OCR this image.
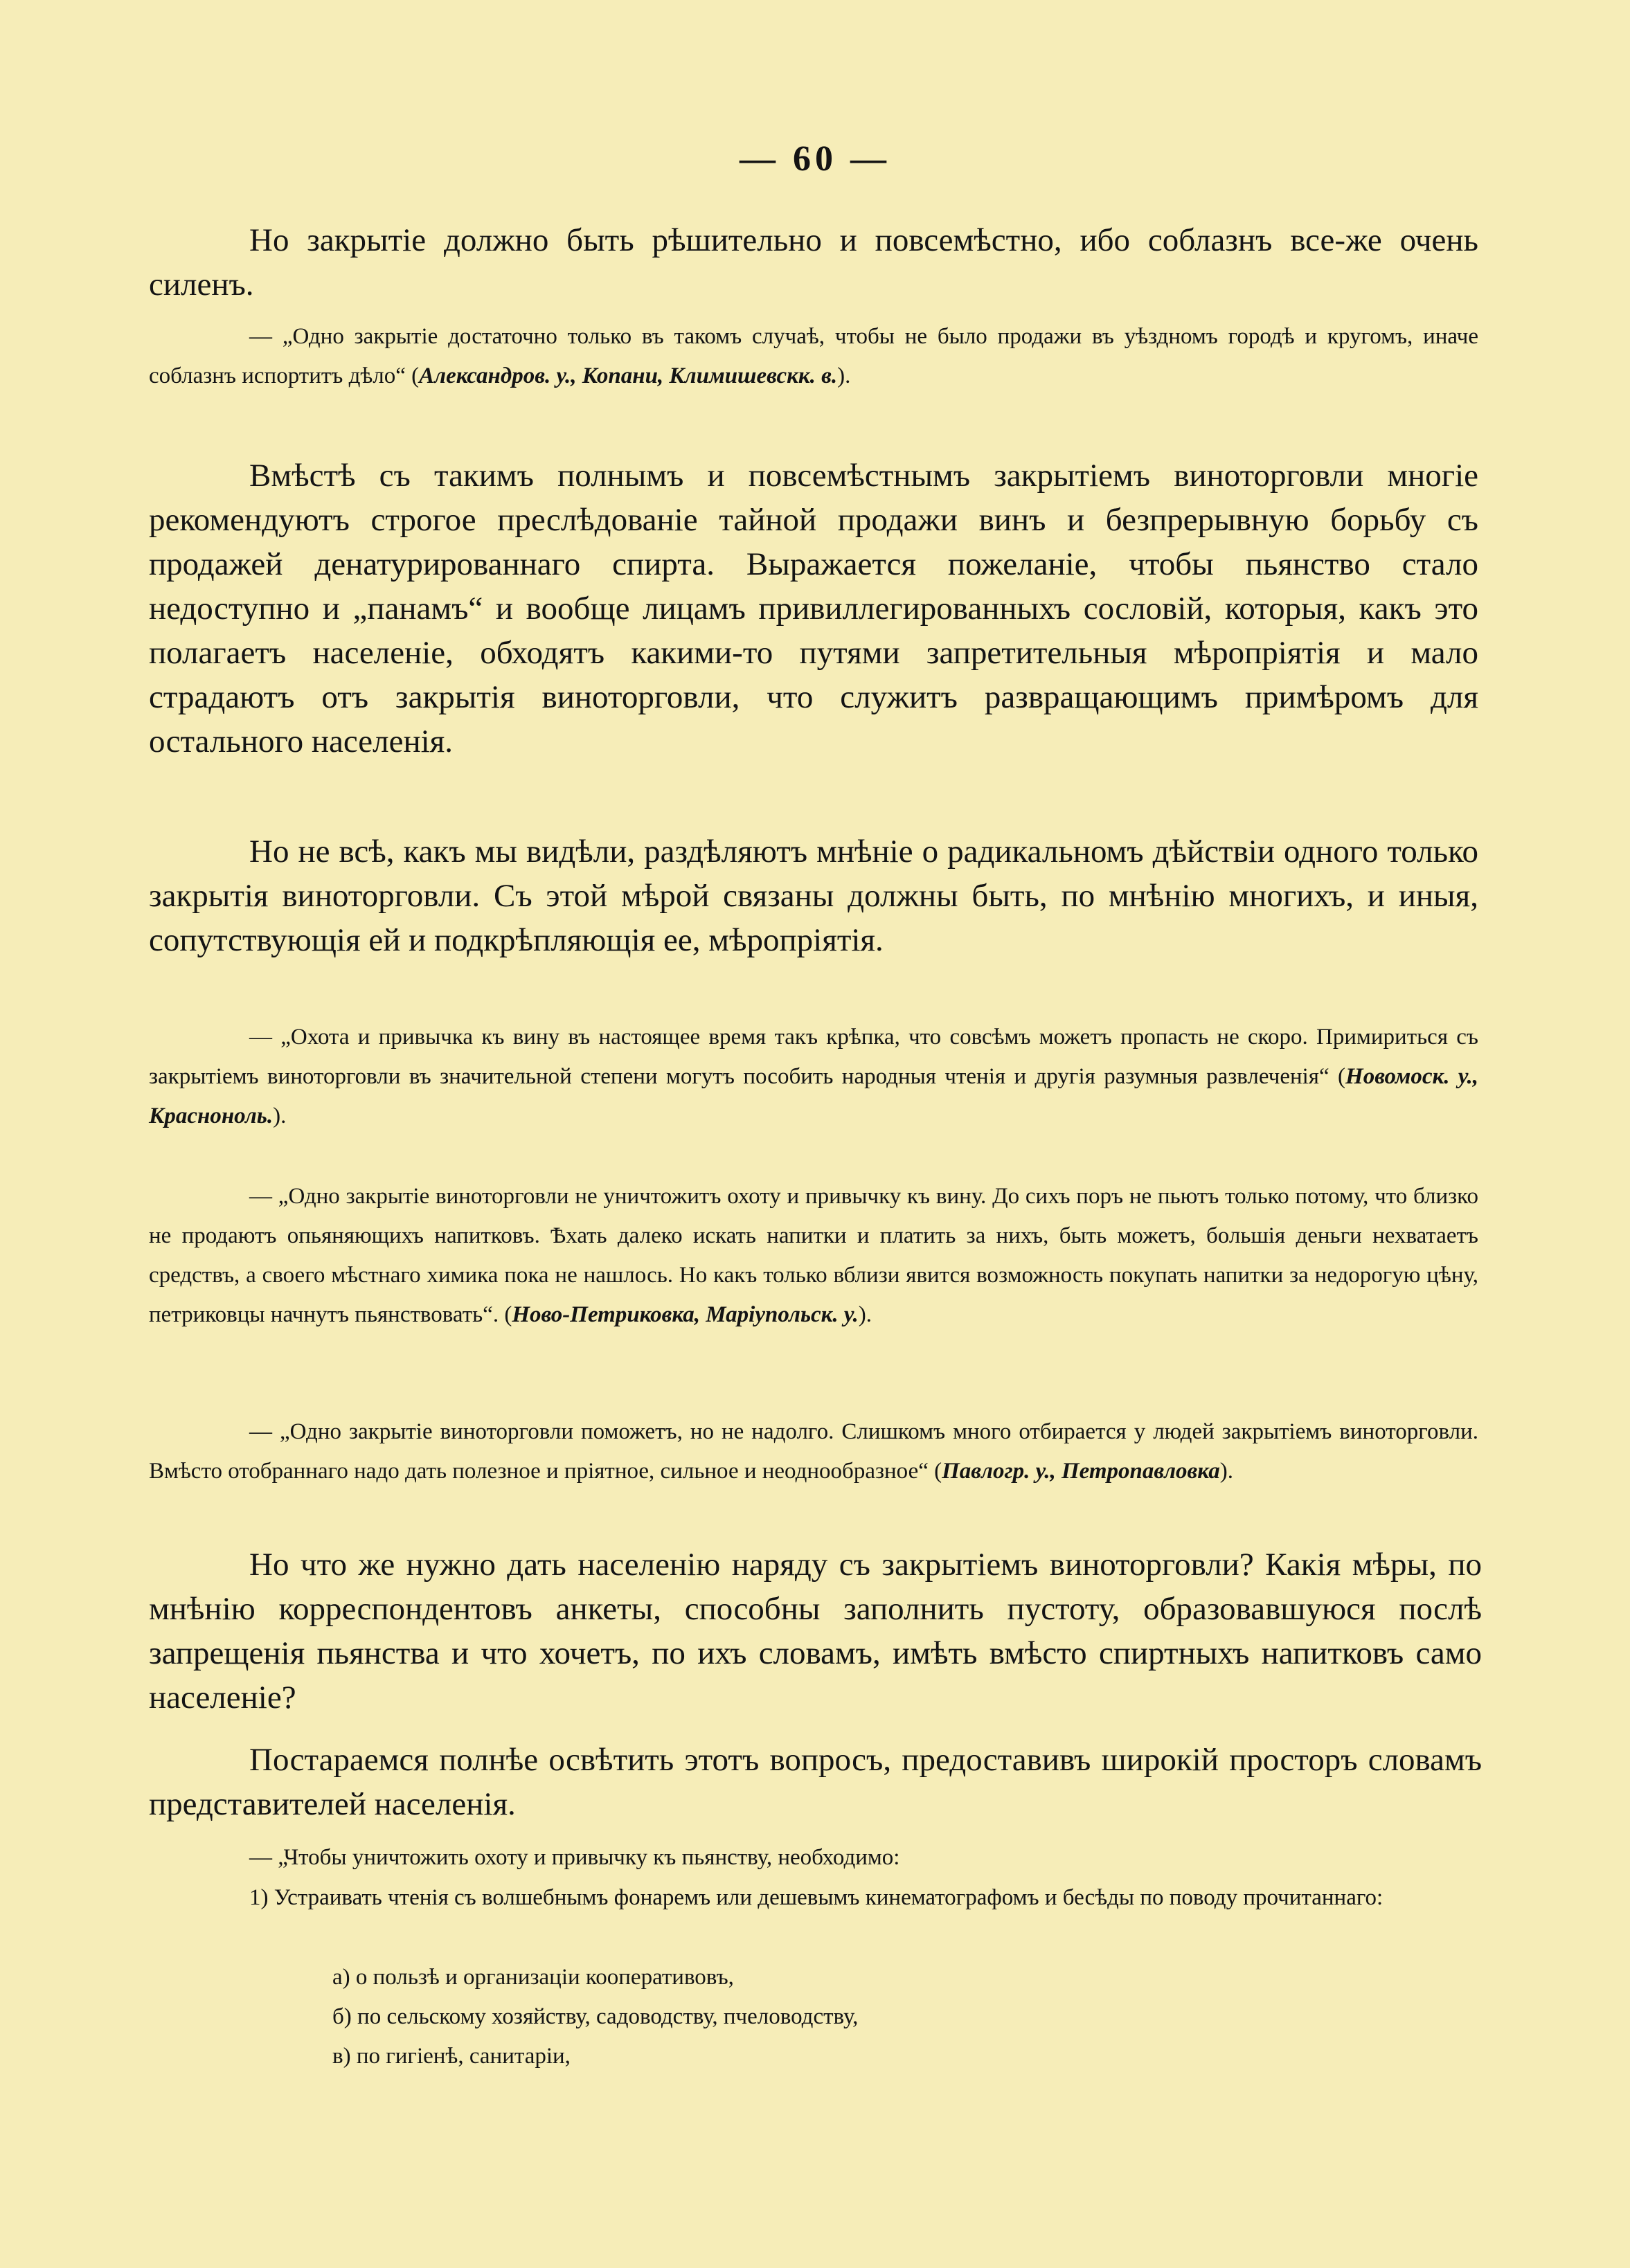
— 60 —

Но закрытіе должно быть рѣшительно и повсемѣстно, ибо соблазнъ все-же очень силенъ.

— „Одно закрытіе достаточно только въ такомъ случаѣ, чтобы не было продажи въ уѣздномъ городѣ и кругомъ, иначе соблазнъ испортитъ дѣло“ (Александров. у., Копани, Климишевскк. в.).

Вмѣстѣ съ такимъ полнымъ и повсемѣстнымъ закрытіемъ виноторговли многіе рекомендуютъ строгое преслѣдованіе тайной продажи винъ и безпрерывную борьбу съ продажей денатурированнаго спирта. Выражается пожеланіе, чтобы пьянство стало недоступно и „панамъ“ и вообще лицамъ привиллегированныхъ сословій, которыя, какъ это полагаетъ населеніе, обходятъ какими-то путями запретительныя мѣропріятія и мало страдаютъ отъ закрытія виноторговли, что служитъ развращающимъ примѣромъ для остального населенія.

Но не всѣ, какъ мы видѣли, раздѣляютъ мнѣніе о радикальномъ дѣйствіи одного только закрытія виноторговли. Съ этой мѣрой связаны должны быть, по мнѣнію многихъ, и иныя, сопутствующія ей и подкрѣпляющія ее, мѣропріятія.

— „Охота и привычка къ вину въ настоящее время такъ крѣпка, что совсѣмъ можетъ пропасть не скоро. Примириться съ закрытіемъ виноторговли въ значительной степени могутъ пособить народныя чтенія и другія разумныя развлеченія“ (Новомоск. у., Красноноль.).

— „Одно закрытіе виноторговли не уничтожитъ охоту и привычку къ вину. До сихъ поръ не пьютъ только потому, что близко не продаютъ опьяняющихъ напитковъ. Ѣхать далеко искать напитки и платить за нихъ, быть можетъ, большія деньги нехватаетъ средствъ, а своего мѣстнаго химика пока не нашлось. Но какъ только вблизи явится возможность покупать напитки за недорогую цѣну, петриковцы начнутъ пьянствовать“. (Ново-Петриковка, Маріупольск. у.).

— „Одно закрытіе виноторговли поможетъ, но не надолго. Слишкомъ много отбирается у людей закрытіемъ виноторговли. Вмѣсто отобраннаго надо дать полезное и пріятное, сильное и неоднообразное“ (Павлогр. у., Петропавловка).

Но что же нужно дать населенію наряду съ закрытіемъ виноторговли? Какія мѣры, по мнѣнію корреспондентовъ анкеты, способны заполнить пустоту, образовавшуюся послѣ запрещенія пьянства и что хочетъ, по ихъ словамъ, имѣть вмѣсто спиртныхъ напитковъ само населеніе?

Постараемся полнѣе освѣтить этотъ вопросъ, предоставивъ широкій просторъ словамъ представителей населенія.

— „Чтобы уничтожить охоту и привычку къ пьянству, необходимо:

1) Устраивать чтенія съ волшебнымъ фонаремъ или дешевымъ кинематографомъ и бесѣды по поводу прочитаннаго:

а) о пользѣ и организаціи кооперативовъ,

б) по сельскому хозяйству, садоводству, пчеловодству,

в) по гигіенѣ, санитаріи,
